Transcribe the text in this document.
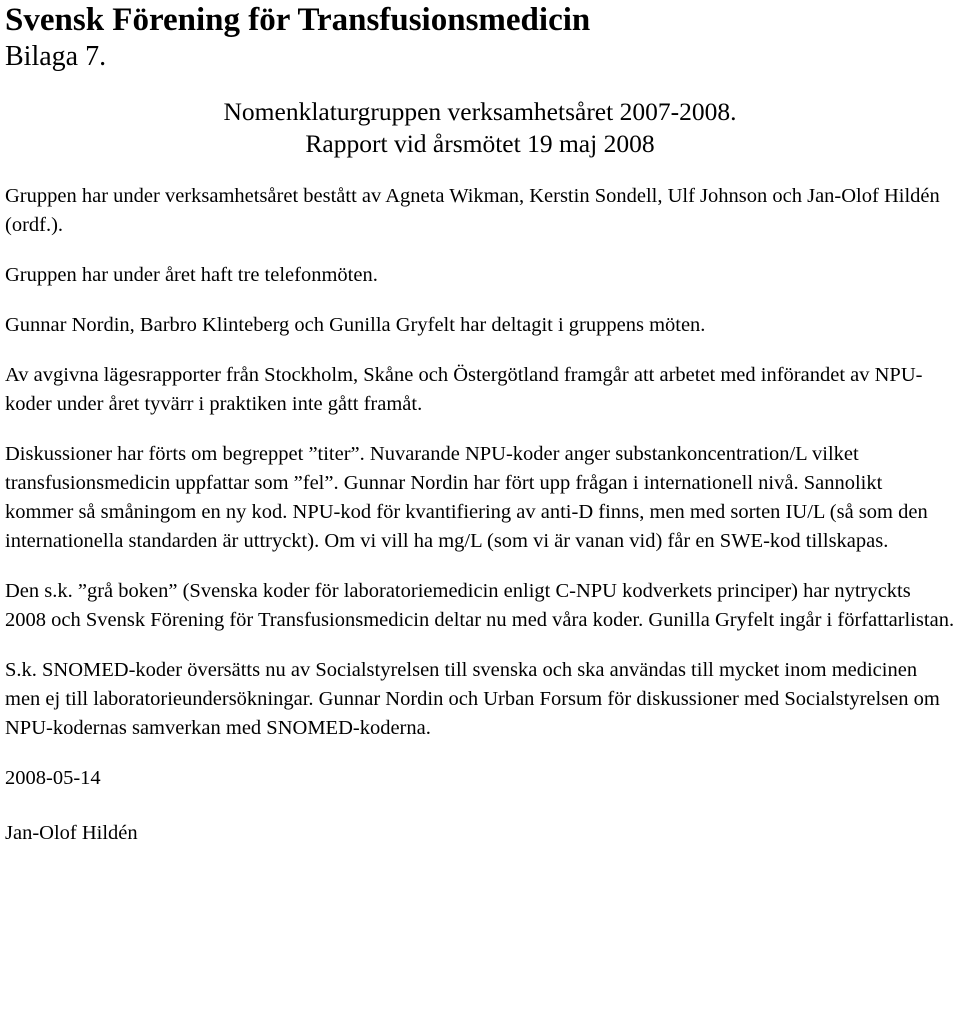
Svensk Förening för Transfusionsmedicin
Bilaga 7.
Nomenklaturgruppen verksamhetsåret 2007-2008.
Rapport vid årsmötet 19 maj 2008

Gruppen har under verksamhetsåret bestått av Agneta Wikman, Kerstin Sondell, Ulf Johnson och Jan-Olof Hildén (ordf.).

Gruppen har under året haft tre telefonmöten.

Gunnar Nordin, Barbro Klinteberg och Gunilla Gryfelt har deltagit i gruppens möten.

Av avgivna lägesrapporter från Stockholm, Skåne och Östergötland framgår att arbetet med införandet av NPU-koder under året tyvärr i praktiken inte gått framåt.

Diskussioner har förts om begreppet ”titer”. Nuvarande NPU-koder anger substankoncentration/L vilket transfusionsmedicin uppfattar som ”fel”. Gunnar Nordin har fört upp frågan i internationell nivå. Sannolikt kommer så småningom en ny kod. NPU-kod för kvantifiering av anti-D finns, men med sorten IU/L (så som den internationella standarden är uttryckt). Om vi vill ha mg/L (som vi är vanan vid) får en SWE-kod tillskapas.

Den s.k. ”grå boken” (Svenska koder för laboratoriemedicin enligt C-NPU kodverkets principer) har nytryckts 2008 och Svensk Förening för Transfusionsmedicin deltar nu med våra koder. Gunilla Gryfelt ingår i författarlistan.

S.k. SNOMED-koder översätts nu av Socialstyrelsen till svenska och ska användas till mycket inom medicinen men ej till laboratorieundersökningar. Gunnar Nordin och Urban Forsum för diskussioner med Socialstyrelsen om NPU-kodernas samverkan med SNOMED-koderna.

2008-05-14

Jan-Olof Hildén
